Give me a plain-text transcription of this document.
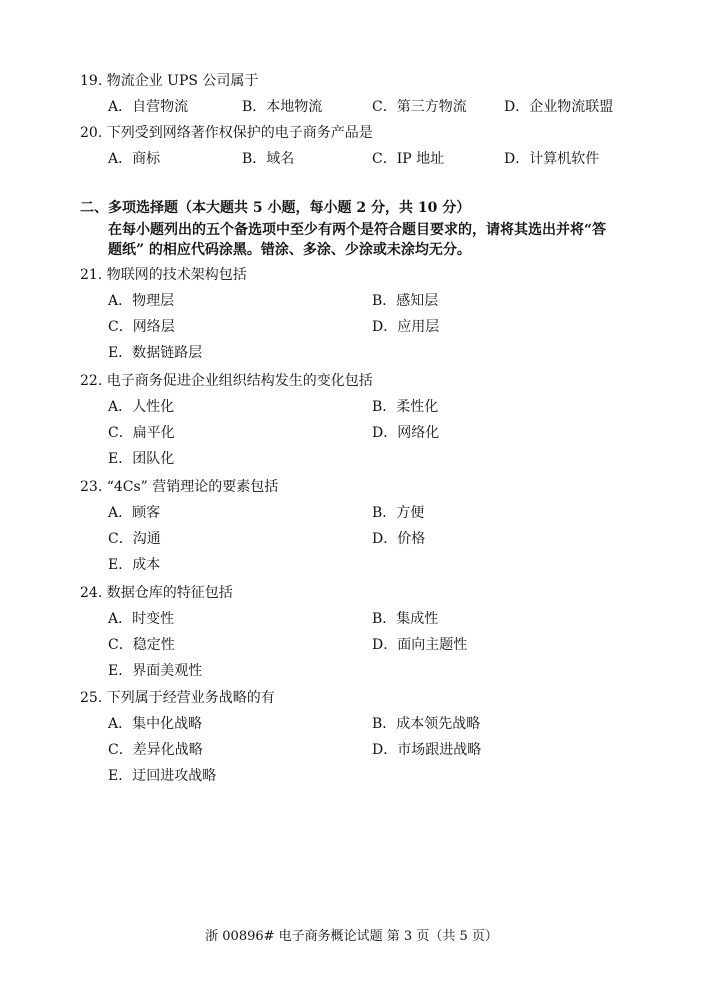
19. 物流企业 UPS 公司属于
A．自营物流	B．本地物流	C．第三方物流	D．企业物流联盟
20. 下列受到网络著作权保护的电子商务产品是
A．商标	B．域名	C．IP 地址	D．计算机软件
二、多项选择题（本大题共 5 小题，每小题 2 分，共 10 分）
在每小题列出的五个备选项中至少有两个是符合题目要求的，请将其选出并将“答
题纸” 的相应代码涂黑。错涂、多涂、少涂或未涂均无分。
21. 物联网的技术架构包括
A．物理层	B．感知层
C．网络层	D．应用层
E．数据链路层
22. 电子商务促进企业组织结构发生的变化包括
A．人性化	B．柔性化
C．扁平化	D．网络化
E．团队化
23. “4Cs” 营销理论的要素包括
A．顾客	B．方便
C．沟通	D．价格
E．成本
24. 数据仓库的特征包括
A．时变性	B．集成性
C．稳定性	D．面向主题性
E．界面美观性
25. 下列属于经营业务战略的有
A．集中化战略	B．成本领先战略
C．差异化战略	D．市场跟进战略
E．迂回进攻战略
浙 00896# 电子商务概论试题 第 3 页（共 5 页）
